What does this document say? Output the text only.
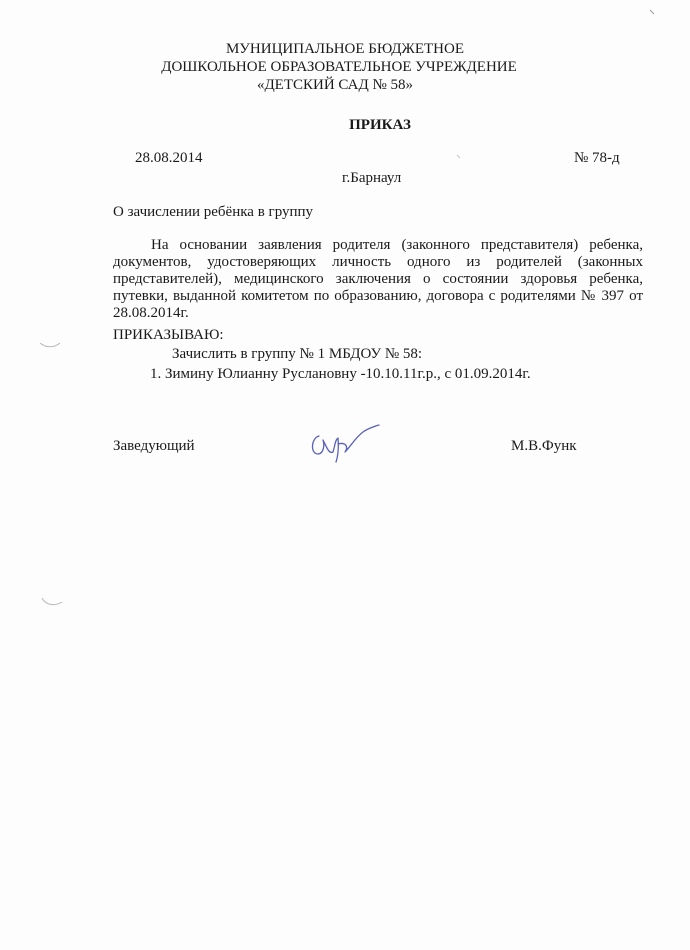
МУНИЦИПАЛЬНОЕ БЮДЖЕТНОЕ
ДОШКОЛЬНОЕ ОБРАЗОВАТЕЛЬНОЕ УЧРЕЖДЕНИЕ
«ДЕТСКИЙ САД № 58»
ПРИКАЗ
28.08.2014	№ 78-д
г.Барнаул
О зачислении ребёнка в группу
На основании заявления родителя (законного представителя) ребенка, документов, удостоверяющих личность одного из родителей (законных представителей), медицинского заключения о состоянии здоровья ребенка, путевки, выданной комитетом по образованию, договора с родителями № 397 от 28.08.2014г.
ПРИКАЗЫВАЮ:
Зачислить в группу № 1 МБДОУ № 58:
1. Зимину Юлианну Руслановну -10.10.11г.р., с 01.09.2014г.
Заведующий	М.В.Функ
